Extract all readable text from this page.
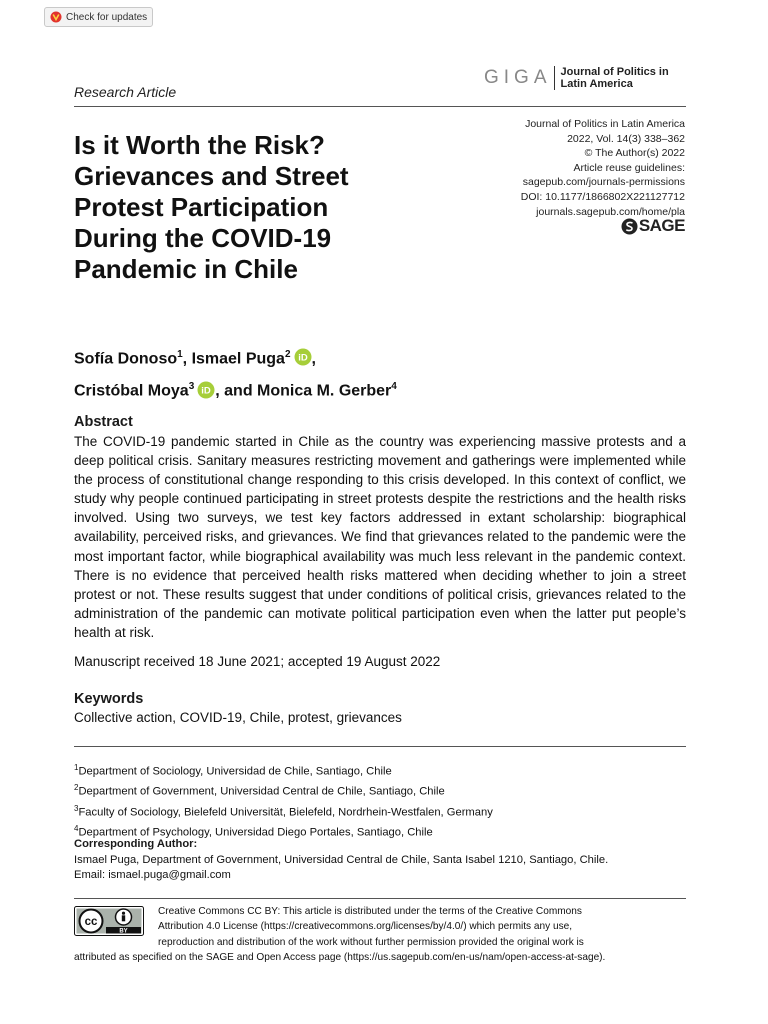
Check for updates
Research Article
GIGA Journal of Politics in
Latin America
Is it Worth the Risk?
Grievances and Street
Protest Participation
During the COVID-19
Pandemic in Chile
Journal of Politics in Latin America
2022, Vol. 14(3) 338–362
© The Author(s) 2022
Article reuse guidelines:
sagepub.com/journals-permissions
DOI: 10.1177/1866802X221127712
journals.sagepub.com/home/pla
SAGE
Sofía Donoso$^1$, Ismael Puga$^2$ iD ,
Cristóbal Moya$^3$ iD , and Monica M. Gerber$^4$
Abstract
The COVID-19 pandemic started in Chile as the country was experiencing massive protests and a deep political crisis. Sanitary measures restricting movement and gatherings were implemented while the process of constitutional change responding to this crisis developed. In this context of conflict, we study why people continued participating in street protests despite the restrictions and the health risks involved. Using two surveys, we test key factors addressed in extant scholarship: biographical availability, perceived risks, and grievances. We find that grievances related to the pandemic were the most important factor, while biographical availability was much less relevant in the pandemic context. There is no evidence that perceived health risks mattered when deciding whether to join a street protest or not. These results suggest that under conditions of political crisis, grievances related to the administration of the pandemic can motivate political participation even when the latter put people’s health at risk.
Manuscript received 18 June 2021; accepted 19 August 2022
Keywords
Collective action, COVID-19, Chile, protest, grievances
$^1$Department of Sociology, Universidad de Chile, Santiago, Chile
$^2$Department of Government, Universidad Central de Chile, Santiago, Chile
$^3$Faculty of Sociology, Bielefeld Universität, Bielefeld, Nordrhein-Westfalen, Germany
$^4$Department of Psychology, Universidad Diego Portales, Santiago, Chile
Corresponding Author:
Ismael Puga, Department of Government, Universidad Central de Chile, Santa Isabel 1210, Santiago, Chile.
Email: ismael.puga@gmail.com
cc
BY
Creative Commons CC BY: This article is distributed under the terms of the Creative Commons
Attribution 4.0 License (https://creativecommons.org/licenses/by/4.0/) which permits any use,
reproduction and distribution of the work without further permission provided the original work is
attributed as specified on the SAGE and Open Access page (https://us.sagepub.com/en-us/nam/open-access-at-sage).
